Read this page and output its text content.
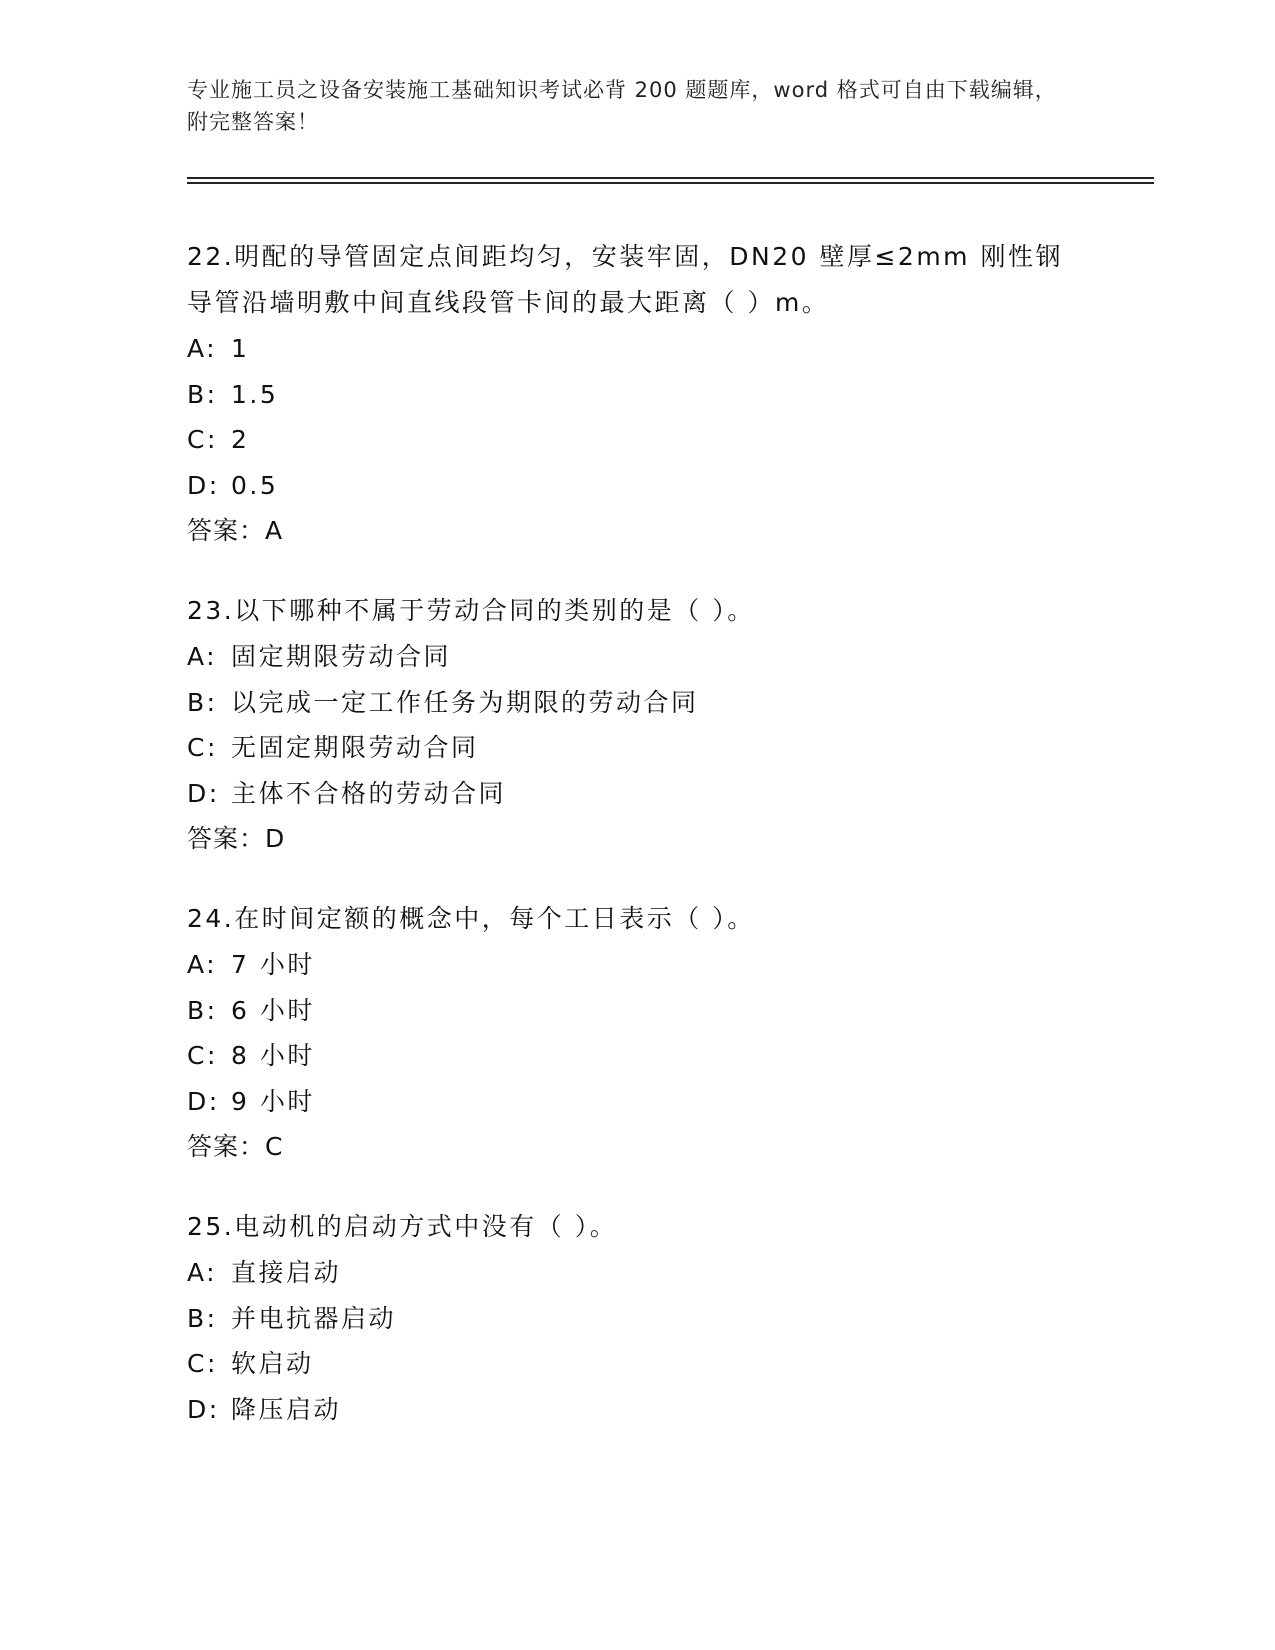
专业施工员之设备安装施工基础知识考试必背 200 题题库，word 格式可自由下载编辑，附完整答案！

22.明配的导管固定点间距均匀，安装牢固，DN20 壁厚≤2mm 刚性钢导管沿墙明敷中间直线段管卡间的最大距离（ ）m。

A: 1

B: 1.5

C: 2

D: 0.5

答案：A

23.以下哪种不属于劳动合同的类别的是（ ）。

A: 固定期限劳动合同

B: 以完成一定工作任务为期限的劳动合同

C: 无固定期限劳动合同

D: 主体不合格的劳动合同

答案：D

24.在时间定额的概念中，每个工日表示（ ）。

A: 7 小时

B: 6 小时

C: 8 小时

D: 9 小时

答案：C

25.电动机的启动方式中没有（ ）。

A: 直接启动

B: 并电抗器启动

C: 软启动

D: 降压启动
